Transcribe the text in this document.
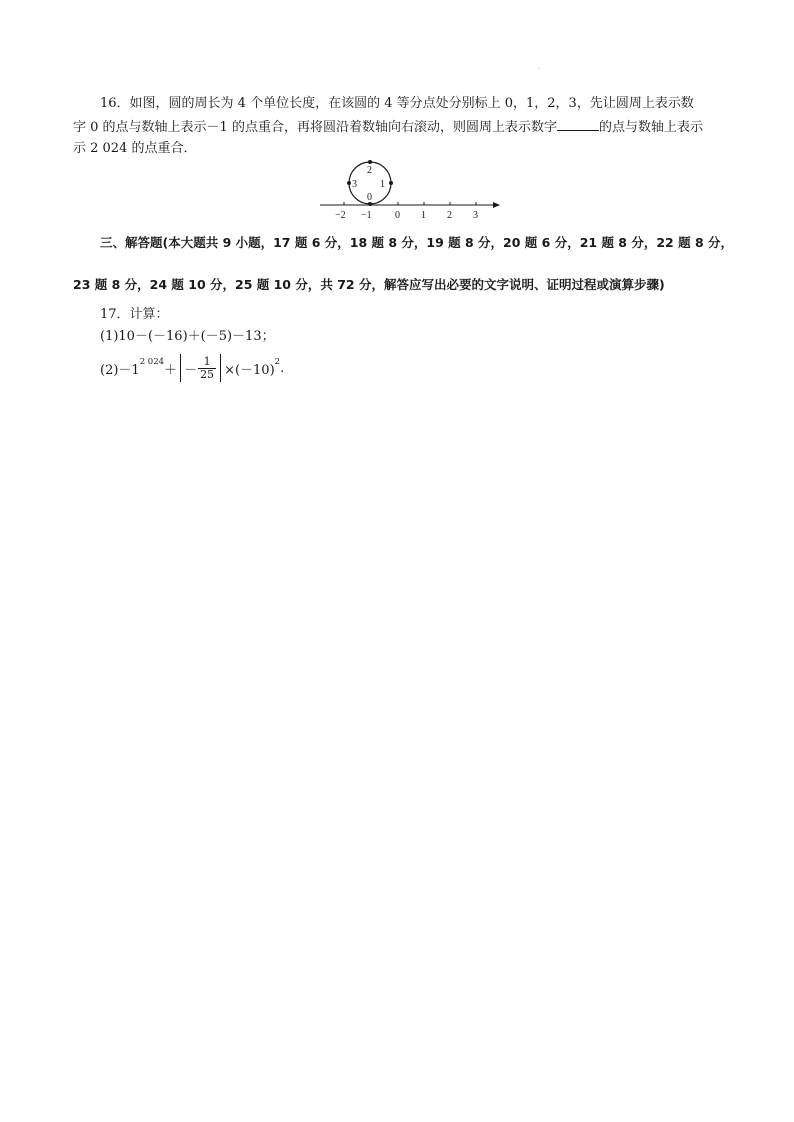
·
16．如图，圆的周长为 4 个单位长度，在该圆的 4 等分点处分别标上 0，1，2，3，先让圆周上表示数
字 0 的点与数轴上表示－1 的点重合，再将圆沿着数轴向右滚动，则圆周上表示数字	的点与数轴上表示
示 2 024 的点重合．
2
1
0
3
−2 −1 0 1 2 3
三、解答题(本大题共 9 小题，17 题 6 分，18 题 8 分，19 题 8 分，20 题 6 分，21 题 8 分，22 题 8 分，
23 题 8 分，24 题 10 分，25 题 10 分，共 72 分，解答应写出必要的文字说明、证明过程或演算步骤)
17．计算：
(1)10－(－16)＋(－5)－13；
(2)－1
2 024
＋ － $\frac{1}{25} \times(-10)$
2 .
